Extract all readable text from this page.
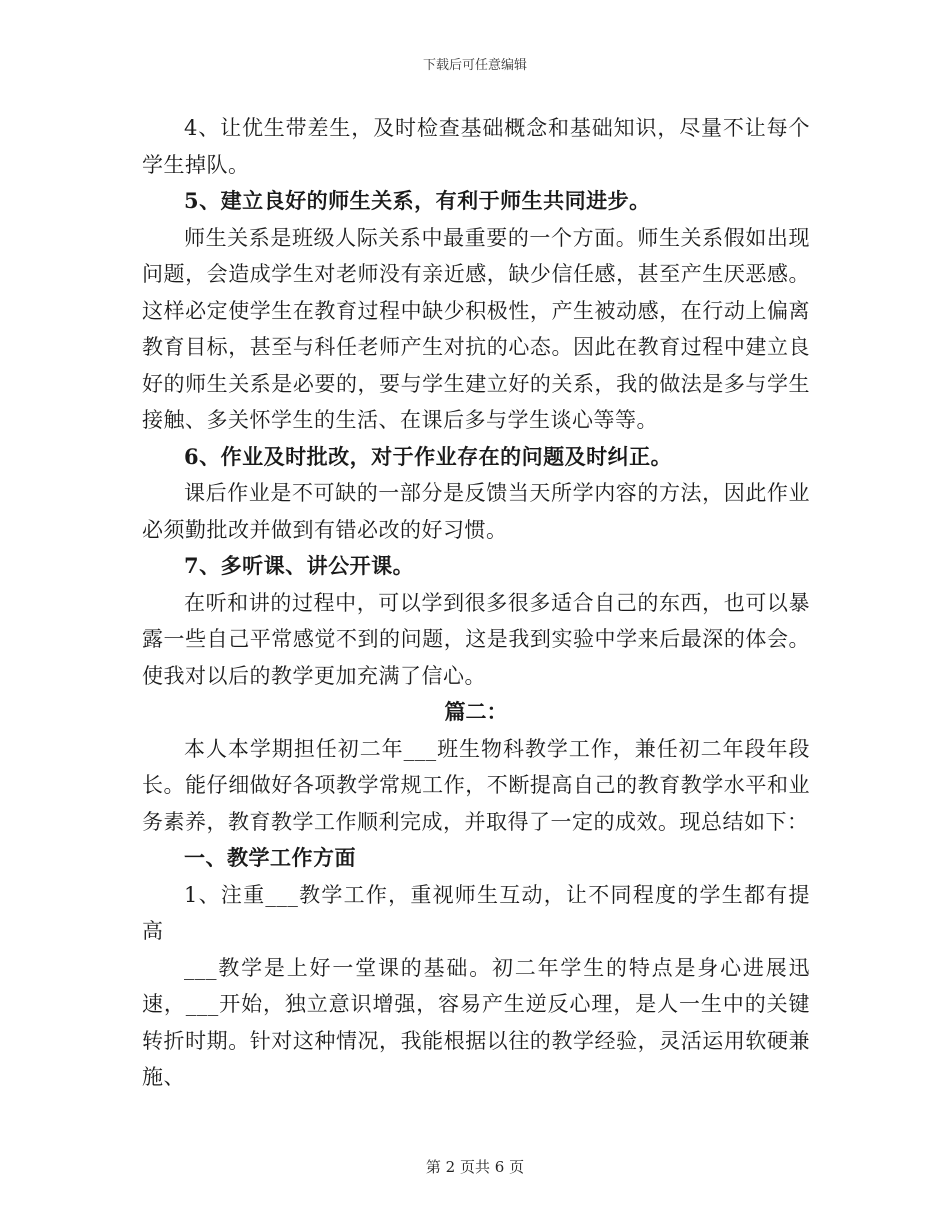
下载后可任意编辑

4、让优生带差生，及时检查基础概念和基础知识，尽量不让每个学生掉队。

5、建立良好的师生关系，有利于师生共同进步。

师生关系是班级人际关系中最重要的一个方面。师生关系假如出现问题，会造成学生对老师没有亲近感，缺少信任感，甚至产生厌恶感。这样必定使学生在教育过程中缺少积极性，产生被动感，在行动上偏离教育目标，甚至与科任老师产生对抗的心态。因此在教育过程中建立良好的师生关系是必要的，要与学生建立好的关系，我的做法是多与学生接触、多关怀学生的生活、在课后多与学生谈心等等。

6、作业及时批改，对于作业存在的问题及时纠正。

课后作业是不可缺的一部分是反馈当天所学内容的方法，因此作业必须勤批改并做到有错必改的好习惯。

7、多听课、讲公开课。

在听和讲的过程中，可以学到很多很多适合自己的东西，也可以暴露一些自己平常感觉不到的问题，这是我到实验中学来后最深的体会。使我对以后的教学更加充满了信心。

篇二：

本人本学期担任初二年___班生物科教学工作，兼任初二年段年段长。能仔细做好各项教学常规工作，不断提高自己的教育教学水平和业务素养，教育教学工作顺利完成，并取得了一定的成效。现总结如下：

一、教学工作方面

1、注重___教学工作，重视师生互动，让不同程度的学生都有提高

___教学是上好一堂课的基础。初二年学生的特点是身心进展迅速，___开始，独立意识增强，容易产生逆反心理，是人一生中的关键转折时期。针对这种情况，我能根据以往的教学经验，灵活运用软硬兼施、

第 2 页共 6 页
